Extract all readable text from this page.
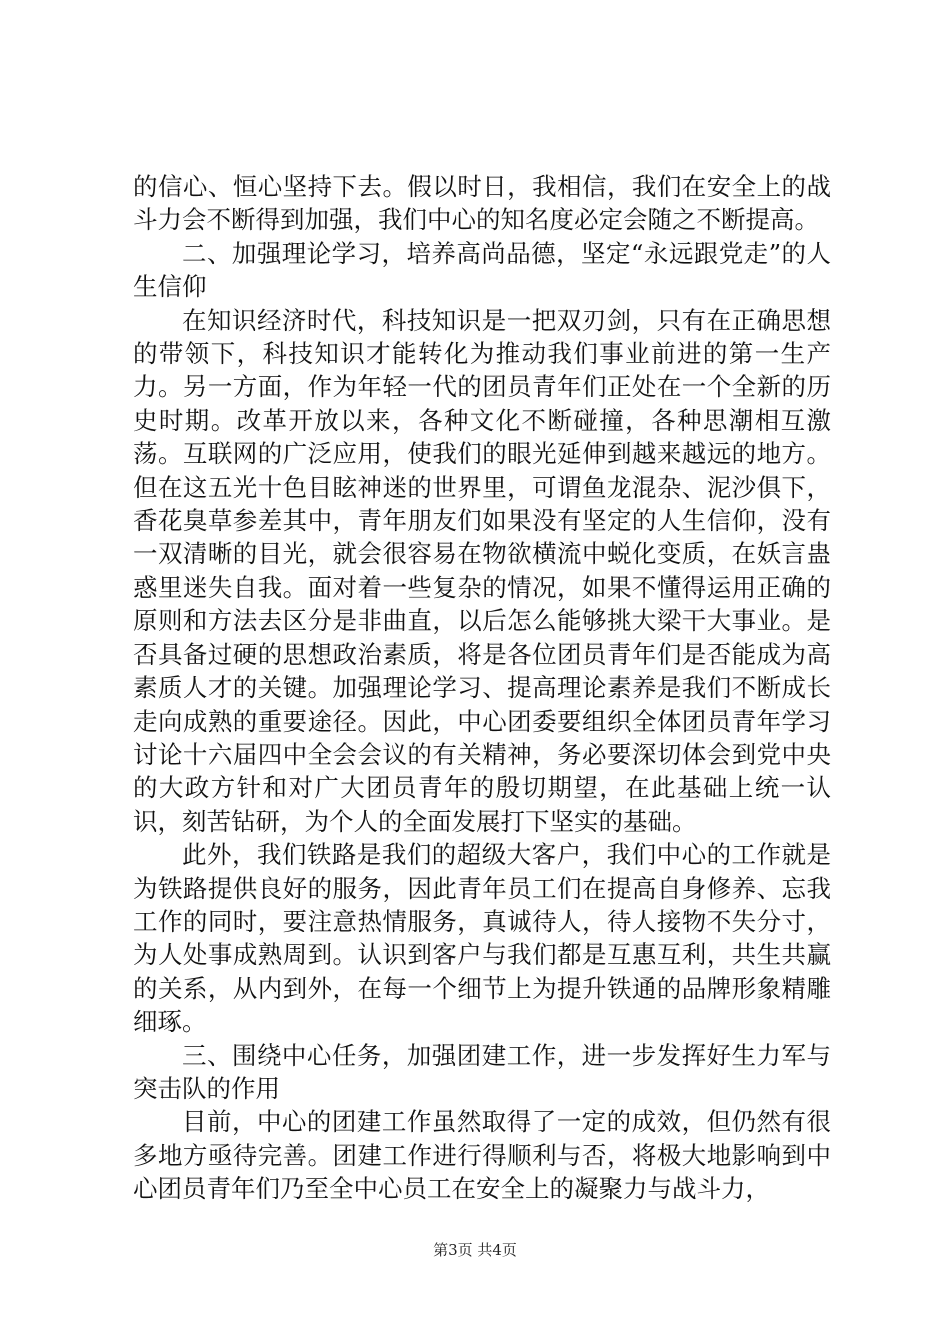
的信心、恒心坚持下去。假以时日，我相信，我们在安全上的战斗力会不断得到加强，我们中心的知名度必定会随之不断提高。

二、加强理论学习，培养高尚品德，坚定“永远跟党走”的人生信仰

在知识经济时代，科技知识是一把双刃剑，只有在正确思想的带领下，科技知识才能转化为推动我们事业前进的第一生产力。另一方面，作为年轻一代的团员青年们正处在一个全新的历史时期。改革开放以来，各种文化不断碰撞，各种思潮相互激荡。互联网的广泛应用，使我们的眼光延伸到越来越远的地方。但在这五光十色目眩神迷的世界里，可谓鱼龙混杂、泥沙俱下，香花臭草参差其中，青年朋友们如果没有坚定的人生信仰，没有一双清晰的目光，就会很容易在物欲横流中蜕化变质，在妖言蛊惑里迷失自我。面对着一些复杂的情况，如果不懂得运用正确的原则和方法去区分是非曲直，以后怎么能够挑大梁干大事业。是否具备过硬的思想政治素质，将是各位团员青年们是否能成为高素质人才的关键。加强理论学习、提高理论素养是我们不断成长走向成熟的重要途径。因此，中心团委要组织全体团员青年学习讨论十六届四中全会会议的有关精神，务必要深切体会到党中央的大政方针和对广大团员青年的殷切期望，在此基础上统一认识，刻苦钻研，为个人的全面发展打下坚实的基础。

此外，我们铁路是我们的超级大客户，我们中心的工作就是为铁路提供良好的服务，因此青年员工们在提高自身修养、忘我工作的同时，要注意热情服务，真诚待人，待人接物不失分寸，为人处事成熟周到。认识到客户与我们都是互惠互利，共生共赢的关系，从内到外，在每一个细节上为提升铁通的品牌形象精雕细琢。

三、围绕中心任务，加强团建工作，进一步发挥好生力军与突击队的作用

目前，中心的团建工作虽然取得了一定的成效，但仍然有很多地方亟待完善。团建工作进行得顺利与否，将极大地影响到中心团员青年们乃至全中心员工在安全上的凝聚力与战斗力，

第3页 共4页
